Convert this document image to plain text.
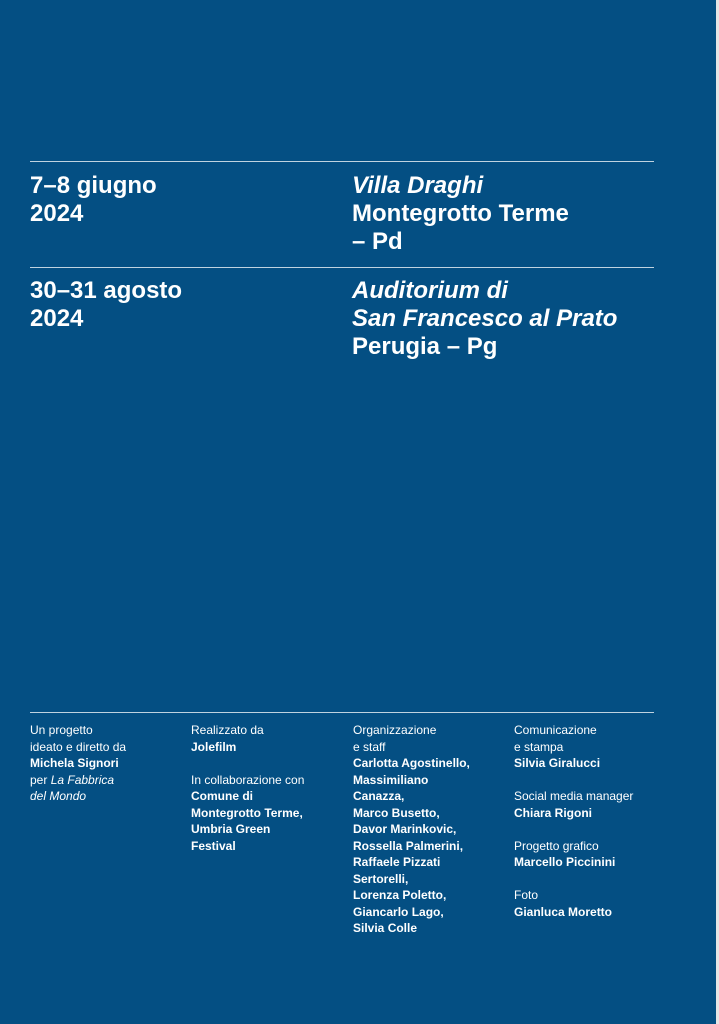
7–8 giugno
2024
Villa Draghi
Montegrotto Terme
– Pd
30–31 agosto
2024
Auditorium di
San Francesco al Prato
Perugia – Pg
Un progetto
ideato e diretto da
Michela Signori
per La Fabbrica
del Mondo
Realizzato da
Jolefilm
In collaborazione con
Comune di
Montegrotto Terme,
Umbria Green
Festival
Organizzazione
e staff
Carlotta Agostinello,
Massimiliano
Canazza,
Marco Busetto,
Davor Marinkovic,
Rossella Palmerini,
Raffaele Pizzati
Sertorelli,
Lorenza Poletto,
Giancarlo Lago,
Silvia Colle
Comunicazione
e stampa
Silvia Giralucci
Social media manager
Chiara Rigoni
Progetto grafico
Marcello Piccinini
Foto
Gianluca Moretto
